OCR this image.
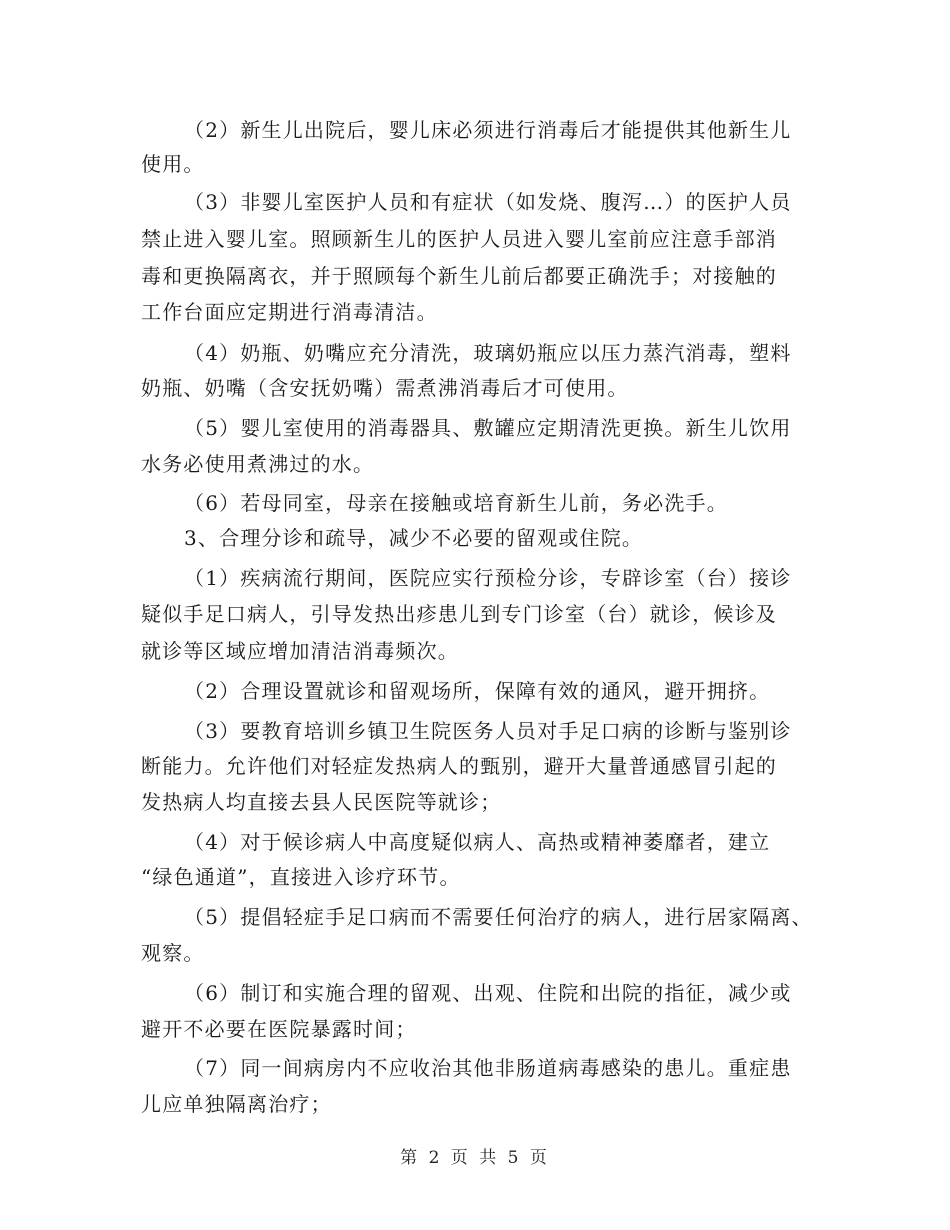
（2）新生儿出院后，婴儿床必须进行消毒后才能提供其他新生儿
使用。
（3）非婴儿室医护人员和有症状（如发烧、腹泻…）的医护人员
禁止进入婴儿室。照顾新生儿的医护人员进入婴儿室前应注意手部消
毒和更换隔离衣，并于照顾每个新生儿前后都要正确洗手；对接触的
工作台面应定期进行消毒清洁。
（4）奶瓶、奶嘴应充分清洗，玻璃奶瓶应以压力蒸汽消毒，塑料
奶瓶、奶嘴（含安抚奶嘴）需煮沸消毒后才可使用。
（5）婴儿室使用的消毒器具、敷罐应定期清洗更换。新生儿饮用
水务必使用煮沸过的水。
（6）若母同室，母亲在接触或培育新生儿前，务必洗手。
3、合理分诊和疏导，减少不必要的留观或住院。
（1）疾病流行期间，医院应实行预检分诊，专辟诊室（台）接诊
疑似手足口病人，引导发热出疹患儿到专门诊室（台）就诊，候诊及
就诊等区域应增加清洁消毒频次。
（2）合理设置就诊和留观场所，保障有效的通风，避开拥挤。
（3）要教育培训乡镇卫生院医务人员对手足口病的诊断与鉴别诊
断能力。允许他们对轻症发热病人的甄别，避开大量普通感冒引起的
发热病人均直接去县人民医院等就诊；
（4）对于候诊病人中高度疑似病人、高热或精神萎靡者，建立
“绿色通道”，直接进入诊疗环节。
（5）提倡轻症手足口病而不需要任何治疗的病人，进行居家隔离、
观察。
（6）制订和实施合理的留观、出观、住院和出院的指征，减少或
避开不必要在医院暴露时间；
（7）同一间病房内不应收治其他非肠道病毒感染的患儿。重症患
儿应单独隔离治疗；
第 2 页 共 5 页
